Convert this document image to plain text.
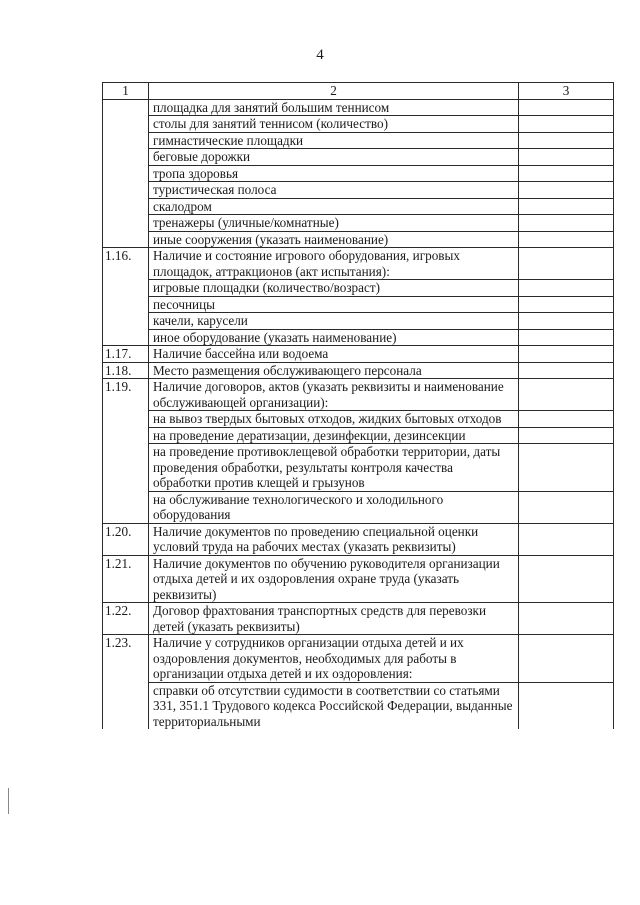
4
1	2	3
	площадка для занятий большим теннисом	
	столы для занятий теннисом (количество)	
	гимнастические площадки	
	беговые дорожки	
	тропа здоровья	
	туристическая полоса	
	скалодром	
	тренажеры (уличные/комнатные)	
	иные сооружения (указать наименование)	
1.16.	Наличие и состояние игрового оборудования, игровых площадок, аттракционов (акт испытания):	
	игровые площадки (количество/возраст)	
	песочницы	
	качели, карусели	
	иное оборудование (указать наименование)	
1.17.	Наличие бассейна или водоема	
1.18.	Место размещения обслуживающего персонала	
1.19.	Наличие договоров, актов (указать реквизиты и наименование обслуживающей организации):	
	на вывоз твердых бытовых отходов, жидких бытовых отходов	
	на проведение дератизации, дезинфекции, дезинсекции	
	на проведение противоклещевой обработки территории, даты проведения обработки, результаты контроля качества обработки против клещей и грызунов	
	на обслуживание технологического и холодильного оборудования	
1.20.	Наличие документов по проведению специальной оценки условий труда на рабочих местах (указать реквизиты)	
1.21.	Наличие документов по обучению руководителя организации отдыха детей и их оздоровления охране труда (указать реквизиты)	
1.22.	Договор фрахтования транспортных средств для перевозки детей (указать реквизиты)	
1.23.	Наличие у сотрудников организации отдыха детей и их оздоровления документов, необходимых для работы в организации отдыха детей и их оздоровления:	
	справки об отсутствии судимости в соответствии со статьями 331, 351.1 Трудового кодекса Российской Федерации, выданные территориальными	
